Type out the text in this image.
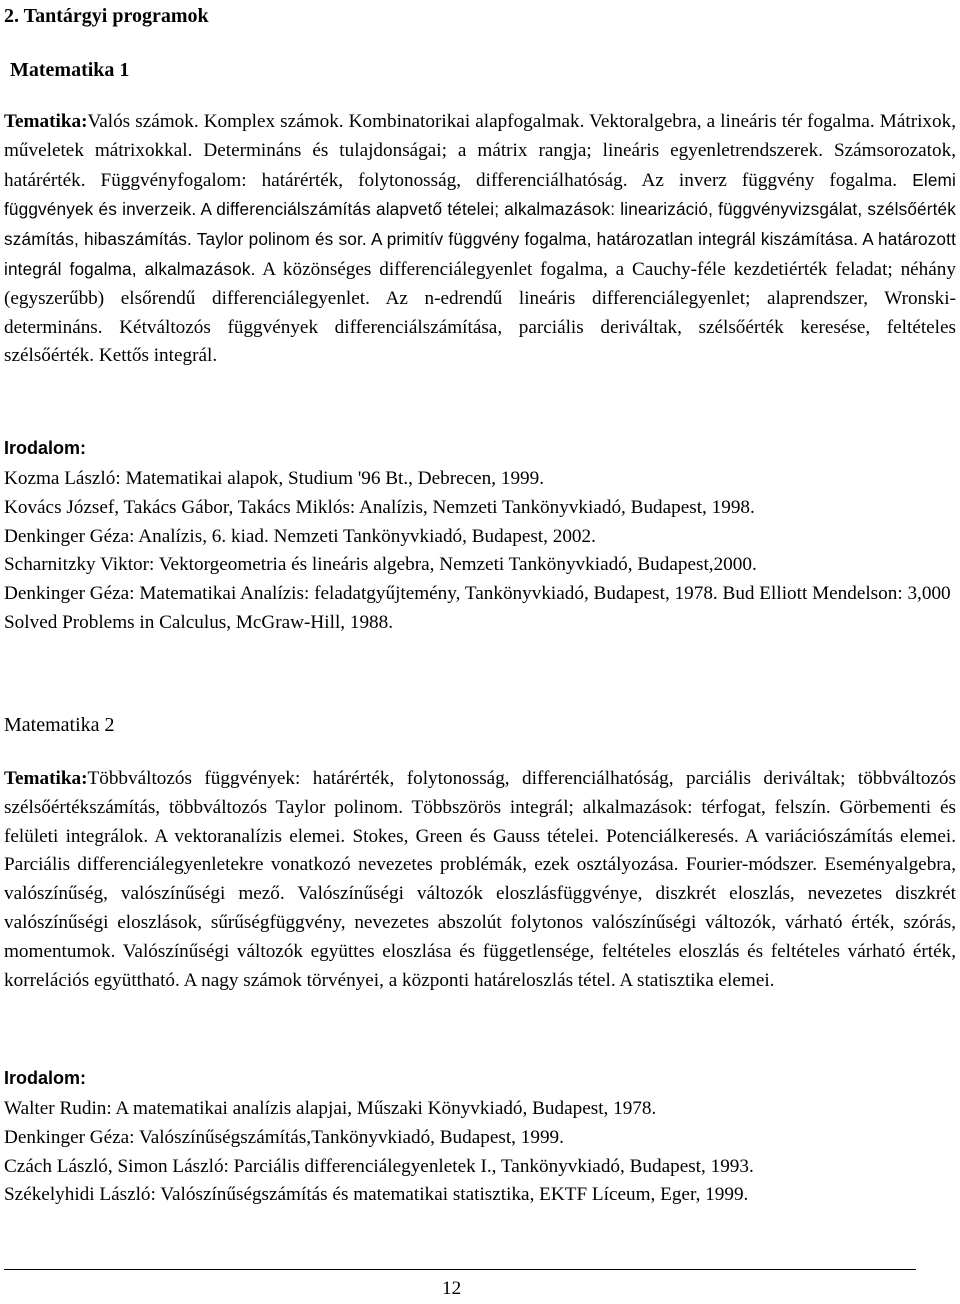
2. Tantárgyi programok
Matematika 1

Tematika:Valós számok. Komplex számok. Kombinatorikai alapfogalmak. Vektoralgebra, a lineáris tér fogalma. Mátrixok, műveletek mátrixokkal. Determináns és tulajdonságai; a mátrix rangja; lineáris egyenletrendszerek. Számsorozatok, határérték. Függvényfogalom: határérték, folytonosság, differenciálhatóság. Az inverz függvény fogalma. Elemi függvények és inverzeik. A differenciálszámítás alapvető tételei; alkalmazások: linearizáció, függvényvizsgálat, szélsőérték számítás, hibaszámítás. Taylor polinom és sor. A primitív függvény fogalma, határozatlan integrál kiszámítása. A határozott integrál fogalma, alkalmazások. A közönséges differenciálegyenlet fogalma, a Cauchy-féle kezdetiérték feladat; néhány (egyszerűbb) elsőrendű differenciálegyenlet. Az n-edrendű lineáris differenciálegyenlet; alaprendszer, Wronski-determináns. Kétváltozós függvények differenciálszámítása, parciális deriváltak, szélsőérték keresése, feltételes szélsőérték. Kettős integrál.

Irodalom:
Kozma László: Matematikai alapok, Studium '96 Bt., Debrecen, 1999.
Kovács József, Takács Gábor, Takács Miklós: Analízis, Nemzeti Tankönyvkiadó, Budapest, 1998.
Denkinger Géza: Analízis, 6. kiad. Nemzeti Tankönyvkiadó, Budapest, 2002.
Scharnitzky Viktor: Vektorgeometria és lineáris algebra, Nemzeti Tankönyvkiadó, Budapest,2000.
Denkinger Géza: Matematikai Analízis: feladatgyűjtemény, Tankönyvkiadó, Budapest, 1978. Bud Elliott Mendelson: 3,000 Solved Problems in Calculus, McGraw-Hill, 1988.
Matematika 2

Tematika:Többváltozós függvények: határérték, folytonosság, differenciálhatóság, parciális deriváltak; többváltozós szélsőértékszámítás, többváltozós Taylor polinom. Többszörös integrál; alkalmazások: térfogat, felszín. Görbementi és felületi integrálok. A vektoranalízis elemei. Stokes, Green és Gauss tételei. Potenciálkeresés. A variációszámítás elemei. Parciális differenciálegyenletekre vonatkozó nevezetes problémák, ezek osztályozása. Fourier-módszer. Eseményalgebra, valószínűség, valószínűségi mező. Valószínűségi változók eloszlásfüggvénye, diszkrét eloszlás, nevezetes diszkrét valószínűségi eloszlások, sűrűségfüggvény, nevezetes abszolút folytonos valószínűségi változók, várható érték, szórás, momentumok. Valószínűségi változók együttes eloszlása és függetlensége, feltételes eloszlás és feltételes várható érték, korrelációs együttható. A nagy számok törvényei, a központi határeloszlás tétel. A statisztika elemei.

Irodalom:
Walter Rudin: A matematikai analízis alapjai, Műszaki Könyvkiadó, Budapest, 1978.
Denkinger Géza: Valószínűségszámítás,Tankönyvkiadó, Budapest, 1999.
Czách László, Simon László: Parciális differenciálegyenletek I., Tankönyvkiadó, Budapest, 1993.
Székelyhidi László: Valószínűségszámítás és matematikai statisztika, EKTF Líceum, Eger, 1999.
12
